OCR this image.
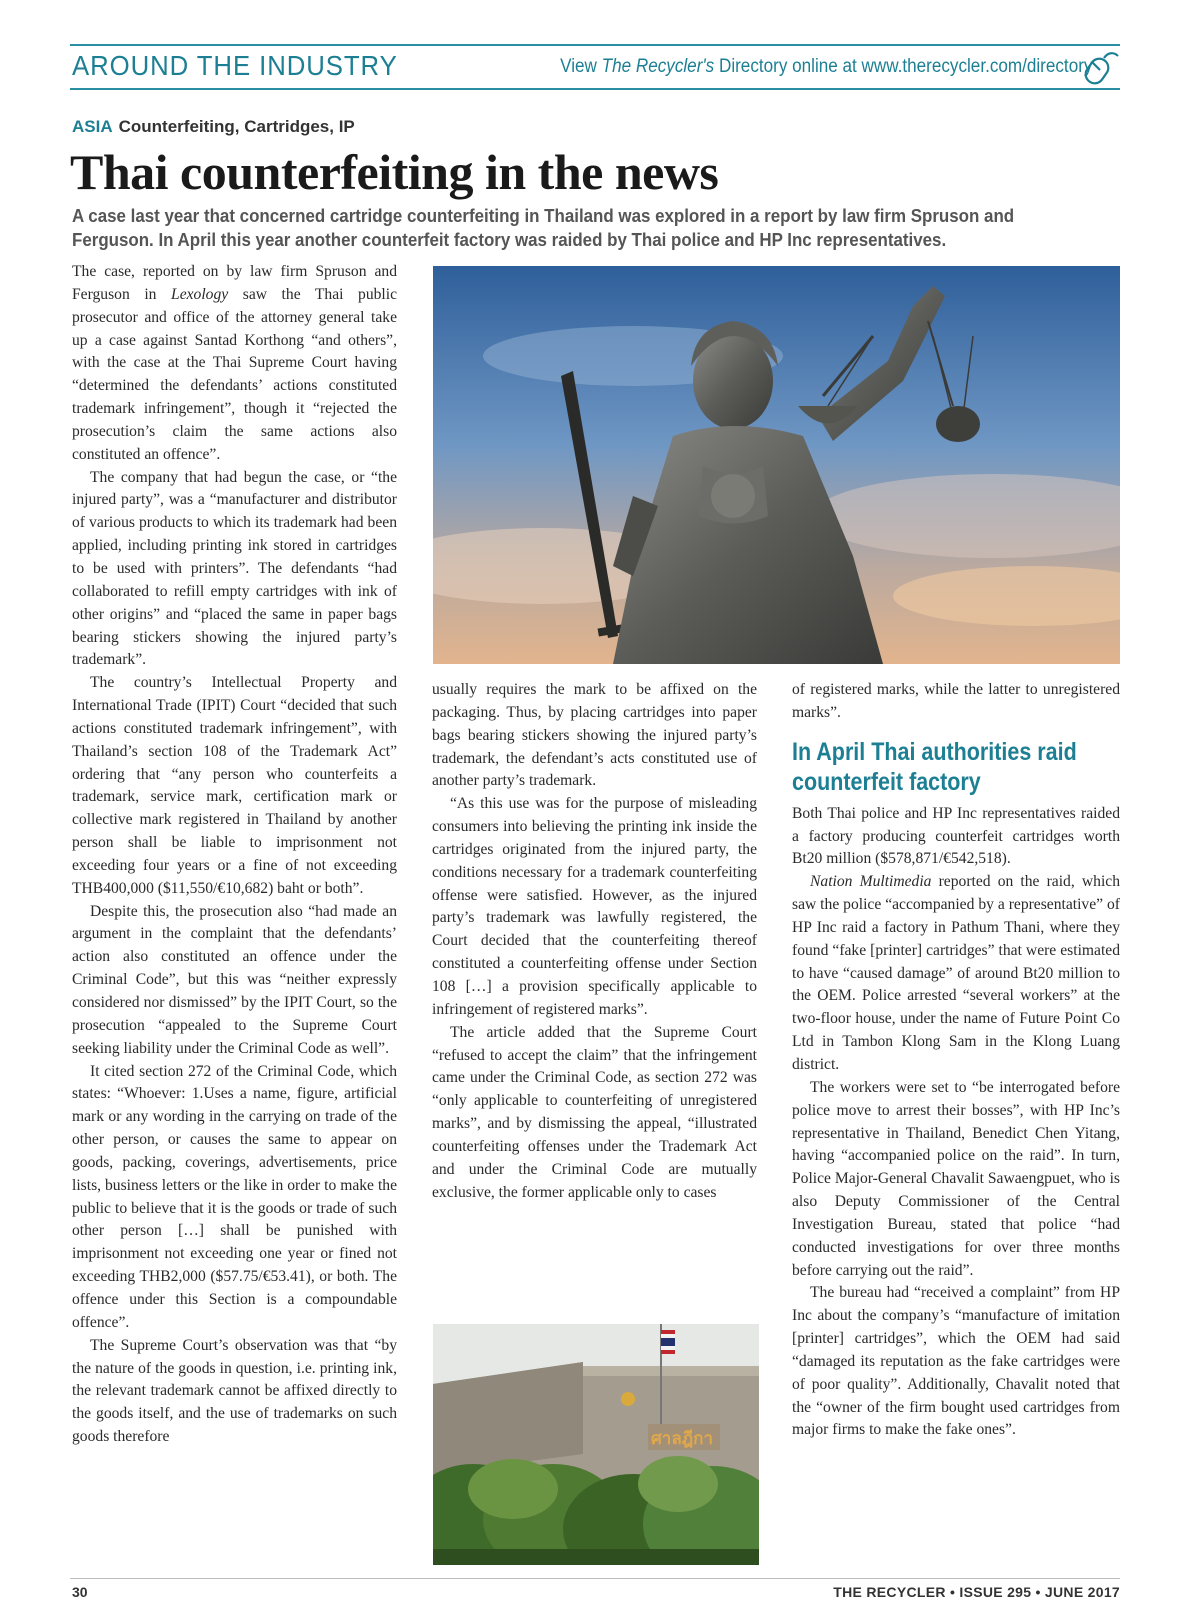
AROUND THE INDUSTRY	View The Recycler's Directory online at www.therecycler.com/directory
ASIA Counterfeiting, Cartridges, IP
Thai counterfeiting in the news

A case last year that concerned cartridge counterfeiting in Thailand was explored in a report by law firm Spruson and Ferguson. In April this year another counterfeit factory was raided by Thai police and HP Inc representatives.

The case, reported on by law firm Spruson and Ferguson in Lexology saw the Thai public prosecutor and office of the attorney general take up a case against Santad Korthong “and others”, with the case at the Thai Supreme Court having “determined the defendants’ actions constituted trademark infringement”, though it “rejected the prosecution’s claim the same actions also constituted an offence”.

The company that had begun the case, or “the injured party”, was a “manufacturer and distributor of various products to which its trademark had been applied, including printing ink stored in cartridges to be used with printers”. The defendants “had collaborated to refill empty cartridges with ink of other origins” and “placed the same in paper bags bearing stickers showing the injured party’s trademark”.

The country’s Intellectual Property and International Trade (IPIT) Court “decided that such actions constituted trademark infringement”, with Thailand’s section 108 of the Trademark Act” ordering that “any person who counterfeits a trademark, service mark, certification mark or collective mark registered in Thailand by another person shall be liable to imprisonment not exceeding four years or a fine of not exceeding THB400,000 ($11,550/€10,682) baht or both”.

Despite this, the prosecution also “had made an argument in the complaint that the defendants’ action also constituted an offence under the Criminal Code”, but this was “neither expressly considered nor dismissed” by the IPIT Court, so the prosecution “appealed to the Supreme Court seeking liability under the Criminal Code as well”.

It cited section 272 of the Criminal Code, which states: “Whoever: 1.Uses a name, figure, artificial mark or any wording in the carrying on trade of the other person, or causes the same to appear on goods, packing, coverings, advertisements, price lists, business letters or the like in order to make the public to believe that it is the goods or trade of such other person […] shall be punished with imprisonment not exceeding one year or fined not exceeding THB2,000 ($57.75/€53.41), or both. The offence under this Section is a compoundable offence”.

The Supreme Court’s observation was that “by the nature of the goods in question, i.e. printing ink, the relevant trademark cannot be affixed directly to the goods itself, and the use of trademarks on such goods therefore

usually requires the mark to be affixed on the packaging. Thus, by placing cartridges into paper bags bearing stickers showing the injured party’s trademark, the defendant’s acts constituted use of another party’s trademark.

“As this use was for the purpose of misleading consumers into believing the printing ink inside the cartridges originated from the injured party, the conditions necessary for a trademark counterfeiting offense were satisfied. However, as the injured party’s trademark was lawfully registered, the Court decided that the counterfeiting thereof constituted a counterfeiting offense under Section 108 […] a provision specifically applicable to infringement of registered marks”.

The article added that the Supreme Court “refused to accept the claim” that the infringement came under the Criminal Code, as section 272 was “only applicable to counterfeiting of unregistered marks”, and by dismissing the appeal, “illustrated counterfeiting offenses under the Trademark Act and under the Criminal Code are mutually exclusive, the former applicable only to cases

ศาลฎีกา

of registered marks, while the latter to unregistered marks”.

In April Thai authorities raid counterfeit factory

Both Thai police and HP Inc representatives raided a factory producing counterfeit cartridges worth Bt20 million ($578,871/€542,518).

Nation Multimedia reported on the raid, which saw the police “accompanied by a representative” of HP Inc raid a factory in Pathum Thani, where they found “fake [printer] cartridges” that were estimated to have “caused damage” of around Bt20 million to the OEM. Police arrested “several workers” at the two-floor house, under the name of Future Point Co Ltd in Tambon Klong Sam in the Klong Luang district.

The workers were set to “be interrogated before police move to arrest their bosses”, with HP Inc’s representative in Thailand, Benedict Chen Yitang, having “accompanied police on the raid”. In turn, Police Major-General Chavalit Sawaengpuet, who is also Deputy Commissioner of the Central Investigation Bureau, stated that police “had conducted investigations for over three months before carrying out the raid”.

The bureau had “received a complaint” from HP Inc about the company’s “manufacture of imitation [printer] cartridges”, which the OEM had said “damaged its reputation as the fake cartridges were of poor quality”. Additionally, Chavalit noted that the “owner of the firm bought used cartridges from major firms to make the fake ones”.

30	THE RECYCLER • ISSUE 295 • JUNE 2017
